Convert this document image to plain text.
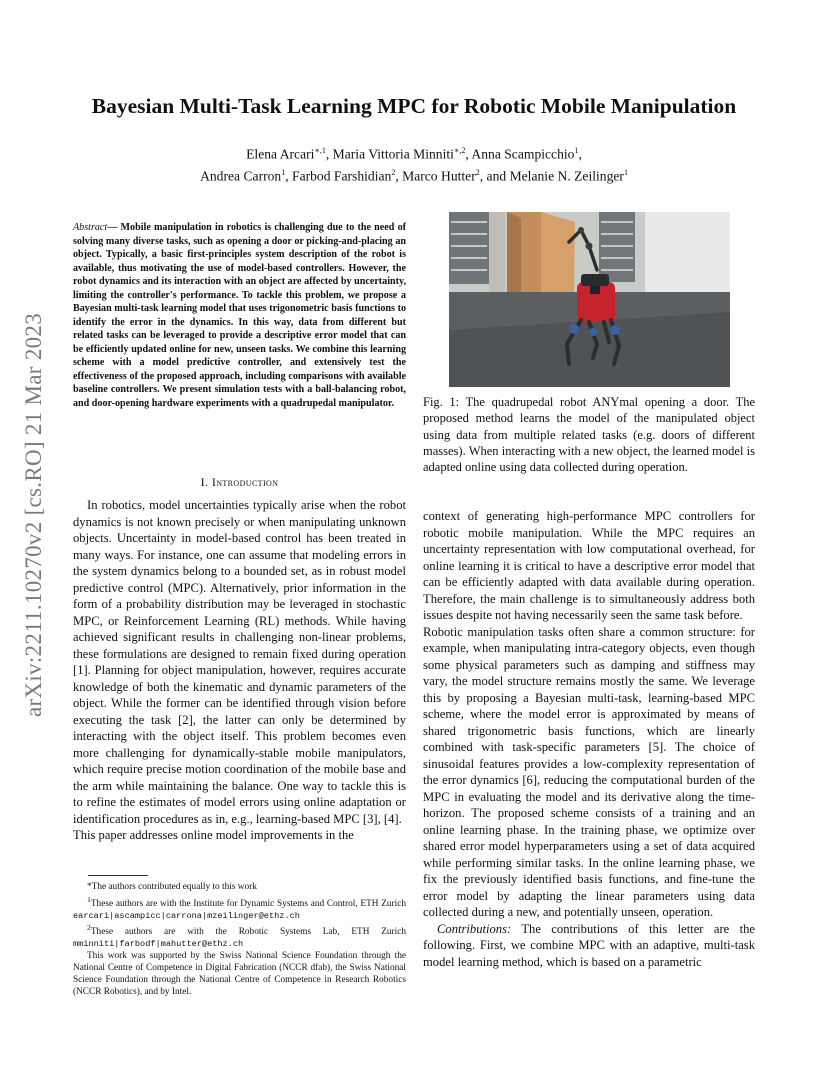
arXiv:2211.10270v2 [cs.RO] 21 Mar 2023
Bayesian Multi-Task Learning MPC for Robotic Mobile Manipulation
Elena Arcari$^{∗,1}$, Maria Vittoria Minniti$^{∗,2}$, Anna Scampicchio$^1$,
Andrea Carron$^1$, Farbod Farshidian$^2$, Marco Hutter$^2$, and Melanie N. Zeilinger$^1$

Abstract— Mobile manipulation in robotics is challenging due to the need of solving many diverse tasks, such as opening a door or picking-and-placing an object. Typically, a basic first-principles system description of the robot is available, thus motivating the use of model-based controllers. However, the robot dynamics and its interaction with an object are affected by uncertainty, limiting the controller's performance. To tackle this problem, we propose a Bayesian multi-task learning model that uses trigonometric basis functions to identify the error in the dynamics. In this way, data from different but related tasks can be leveraged to provide a descriptive error model that can be efficiently updated online for new, unseen tasks. We combine this learning scheme with a model predictive controller, and extensively test the effectiveness of the proposed approach, including comparisons with available baseline controllers. We present simulation tests with a ball-balancing robot, and door-opening hardware experiments with a quadrupedal manipulator.

I. Introduction

In robotics, model uncertainties typically arise when the robot dynamics is not known precisely or when manipulating unknown objects. Uncertainty in model-based control has been treated in many ways. For instance, one can assume that modeling errors in the system dynamics belong to a bounded set, as in robust model predictive control (MPC). Alternatively, prior information in the form of a probability distribution may be leveraged in stochastic MPC, or Reinforcement Learning (RL) methods. While having achieved significant results in challenging non-linear problems, these formulations are designed to remain fixed during operation [1]. Planning for object manipulation, however, requires accurate knowledge of both the kinematic and dynamic parameters of the object. While the former can be identified through vision before executing the task [2], the latter can only be determined by interacting with the object itself. This problem becomes even more challenging for dynamically-stable mobile manipulators, which require precise motion coordination of the mobile base and the arm while maintaining the balance. One way to tackle this is to refine the estimates of model errors using online adaptation or identification procedures as in, e.g., learning-based MPC [3], [4].

This paper addresses online model improvements in the

*The authors contributed equally to this work

$^1$These authors are with the Institute for Dynamic Systems and Control, ETH Zurich earcari|ascampicc|carrona|mzeilinger@ethz.ch

$^2$These authors are with the Robotic Systems Lab, ETH Zurich mminniti|farbodf|mahutter@ethz.ch

This work was supported by the Swiss National Science Foundation through the National Centre of Competence in Digital Fabrication (NCCR dfab), the Swiss National Science Foundation through the National Centre of Competence in Research Robotics (NCCR Robotics), and by Intel.

Fig. 1: The quadrupedal robot ANYmal opening a door. The proposed method learns the model of the manipulated object using data from multiple related tasks (e.g. doors of different masses). When interacting with a new object, the learned model is adapted online using data collected during operation.

context of generating high-performance MPC controllers for robotic mobile manipulation. While the MPC requires an uncertainty representation with low computational overhead, for online learning it is critical to have a descriptive error model that can be efficiently adapted with data available during operation. Therefore, the main challenge is to simultaneously address both issues despite not having necessarily seen the same task before.

Robotic manipulation tasks often share a common structure: for example, when manipulating intra-category objects, even though some physical parameters such as damping and stiffness may vary, the model structure remains mostly the same. We leverage this by proposing a Bayesian multi-task, learning-based MPC scheme, where the model error is approximated by means of shared trigonometric basis functions, which are linearly combined with task-specific parameters [5]. The choice of sinusoidal features provides a low-complexity representation of the error dynamics [6], reducing the computational burden of the MPC in evaluating the model and its derivative along the time-horizon. The proposed scheme consists of a training and an online learning phase. In the training phase, we optimize over shared error model hyperparameters using a set of data acquired while performing similar tasks. In the online learning phase, we fix the previously identified basis functions, and fine-tune the error model by adapting the linear parameters using data collected during a new, and potentially unseen, operation.

Contributions: The contributions of this letter are the following. First, we combine MPC with an adaptive, multi-task model learning method, which is based on a parametric
